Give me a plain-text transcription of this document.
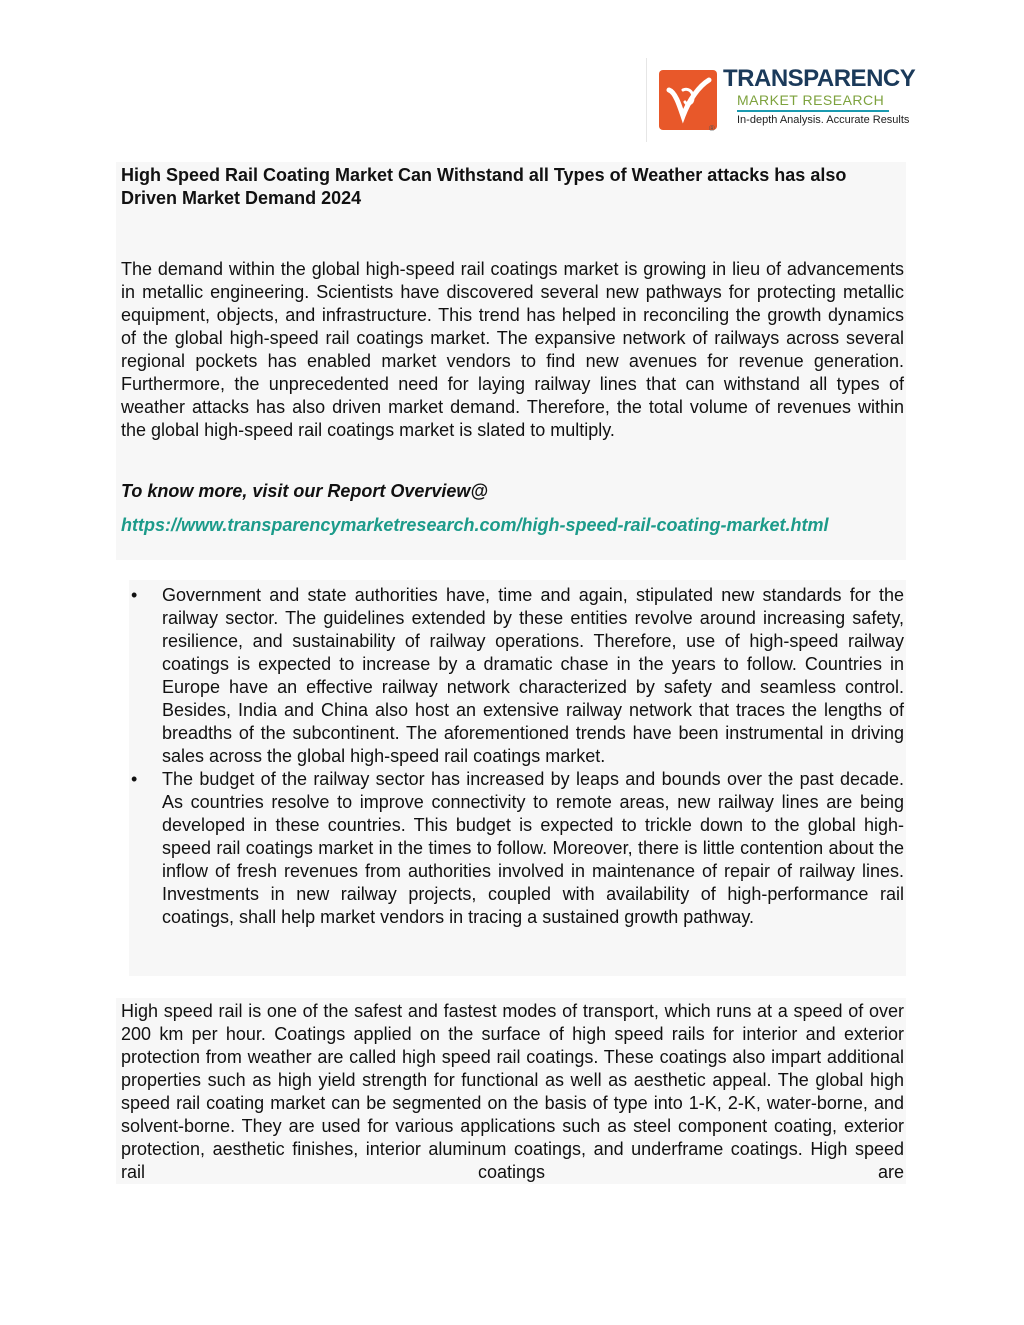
®
TRANSPARENCY
MARKET RESEARCH
In-depth Analysis. Accurate Results
High Speed Rail Coating Market Can Withstand all Types of Weather attacks has also Driven Market Demand 2024
The demand within the global high-speed rail coatings market is growing in lieu of advancements in metallic engineering. Scientists have discovered several new pathways for protecting metallic equipment, objects, and infrastructure. This trend has helped in reconciling the growth dynamics of the global high-speed rail coatings market. The expansive network of railways across several regional pockets has enabled market vendors to find new avenues for revenue generation. Furthermore, the unprecedented need for laying railway lines that can withstand all types of weather attacks has also driven market demand. Therefore, the total volume of revenues within the global high-speed rail coatings market is slated to multiply.
To know more, visit our Report Overview@
https://www.transparencymarketresearch.com/high-speed-rail-coating-market.html
• Government and state authorities have, time and again, stipulated new standards for the railway sector. The guidelines extended by these entities revolve around increasing safety, resilience, and sustainability of railway operations. Therefore, use of high-speed railway coatings is expected to increase by a dramatic chase in the years to follow. Countries in Europe have an effective railway network characterized by safety and seamless control. Besides, India and China also host an extensive railway network that traces the lengths of breadths of the subcontinent. The aforementioned trends have been instrumental in driving sales across the global high-speed rail coatings market.
• The budget of the railway sector has increased by leaps and bounds over the past decade. As countries resolve to improve connectivity to remote areas, new railway lines are being developed in these countries. This budget is expected to trickle down to the global high-speed rail coatings market in the times to follow. Moreover, there is little contention about the inflow of fresh revenues from authorities involved in maintenance of repair of railway lines. Investments in new railway projects, coupled with availability of high-performance rail coatings, shall help market vendors in tracing a sustained growth pathway.
High speed rail is one of the safest and fastest modes of transport, which runs at a speed of over 200 km per hour. Coatings applied on the surface of high speed rails for interior and exterior protection from weather are called high speed rail coatings. These coatings also impart additional properties such as high yield strength for functional as well as aesthetic appeal. The global high speed rail coating market can be segmented on the basis of type into 1-K, 2-K, water-borne, and solvent-borne. They are used for various applications such as steel component coating, exterior protection, aesthetic finishes, interior aluminum coatings, and underframe coatings. High speed rail coatings are
